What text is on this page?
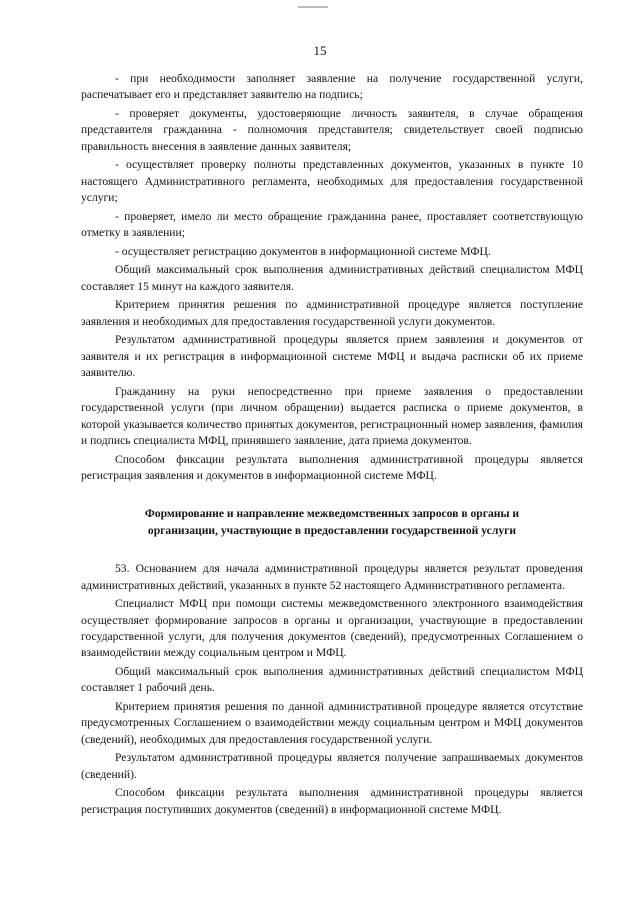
15

- при необходимости заполняет заявление на получение государственной услуги, распечатывает его и представляет заявителю на подпись;

- проверяет документы, удостоверяющие личность заявителя, в случае обращения представителя гражданина - полномочия представителя; свидетельствует своей подписью правильность внесения в заявление данных заявителя;

- осуществляет проверку полноты представленных документов, указанных в пункте 10 настоящего Административного регламента, необходимых для предоставления государственной услуги;

- проверяет, имело ли место обращение гражданина ранее, проставляет соответствующую отметку в заявлении;

- осуществляет регистрацию документов в информационной системе МФЦ.

Общий максимальный срок выполнения административных действий специалистом МФЦ составляет 15 минут на каждого заявителя.

Критерием принятия решения по административной процедуре является поступление заявления и необходимых для предоставления государственной услуги документов.

Результатом административной процедуры является прием заявления и документов от заявителя и их регистрация в информационной системе МФЦ и выдача расписки об их приеме заявителю.

Гражданину на руки непосредственно при приеме заявления о предоставлении государственной услуги (при личном обращении) выдается расписка о приеме документов, в которой указывается количество принятых документов, регистрационный номер заявления, фамилия и подпись специалиста МФЦ, принявшего заявление, дата приема документов.

Способом фиксации результата выполнения административной процедуры является регистрация заявления и документов в информационной системе МФЦ.

Формирование и направление межведомственных запросов в органы и
организации, участвующие в предоставлении государственной услуги

53. Основанием для начала административной процедуры является результат проведения административных действий, указанных в пункте 52 настоящего Административного регламента.

Специалист МФЦ при помощи системы межведомственного электронного взаимодействия осуществляет формирование запросов в органы и организации, участвующие в предоставлении государственной услуги, для получения документов (сведений), предусмотренных Соглашением о взаимодействии между социальным центром и МФЦ.

Общий максимальный срок выполнения административных действий специалистом МФЦ составляет 1 рабочий день.

Критерием принятия решения по данной административной процедуре является отсутствие предусмотренных Соглашением о взаимодействии между социальным центром и МФЦ документов (сведений), необходимых для предоставления государственной услуги.

Результатом административной процедуры является получение запрашиваемых документов (сведений).

Способом фиксации результата выполнения административной процедуры является регистрация поступивших документов (сведений) в информационной системе МФЦ.
